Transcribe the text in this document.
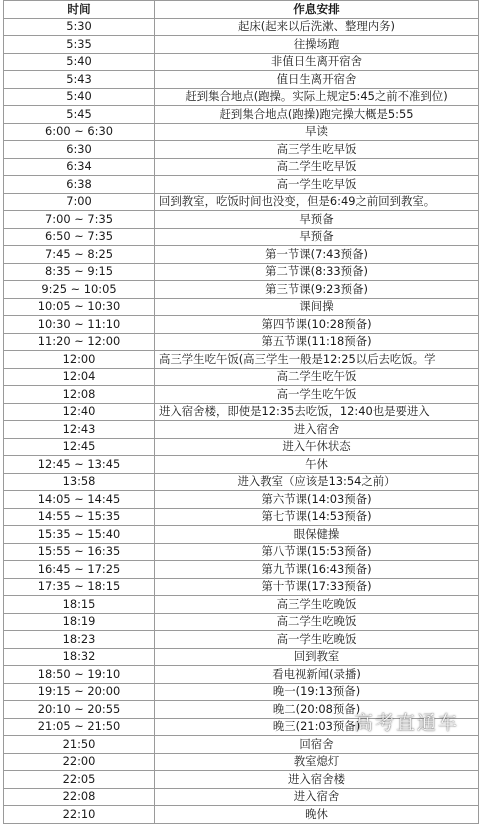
时间	作息安排
5:30	起床(起来以后洗漱、整理内务)
5:35	往操场跑
5:40	非值日生离开宿舍
5:43	值日生离开宿舍
5:40	赶到集合地点(跑操。实际上规定5:45之前不准到位)
5:45	赶到集合地点(跑操)跑完操大概是5:55
6:00 ~ 6:30	早读
6:30	高三学生吃早饭
6:34	高二学生吃早饭
6:38	高一学生吃早饭
7:00	回到教室，吃饭时间也没变，但是6:49之前回到教室。
7:00 ~ 7:35	早预备
6:50 ~ 7:35	早预备
7:45 ~ 8:25	第一节课(7:43预备)
8:35 ~ 9:15	第二节课(8:33预备)
9:25 ~ 10:05	第三节课(9:23预备)
10:05 ~ 10:30	课间操
10:30 ~ 11:10	第四节课(10:28预备)
11:20 ~ 12:00	第五节课(11:18预备)
12:00	高三学生吃午饭(高三学生一般是12:25以后去吃饭。学
12:04	高二学生吃午饭
12:08	高一学生吃午饭
12:40	进入宿舍楼，即使是12:35去吃饭，12:40也是要进入
12:43	进入宿舍
12:45	进入午休状态
12:45 ~ 13:45	午休
13:58	进入教室（应该是13:54之前）
14:05 ~ 14:45	第六节课(14:03预备)
14:55 ~ 15:35	第七节课(14:53预备)
15:35 ~ 15:40	眼保健操
15:55 ~ 16:35	第八节课(15:53预备)
16:45 ~ 17:25	第九节课(16:43预备)
17:35 ~ 18:15	第十节课(17:33预备)
18:15	高三学生吃晚饭
18:19	高二学生吃晚饭
18:23	高一学生吃晚饭
18:32	回到教室
18:50 ~ 19:10	看电视新闻(录播)
19:15 ~ 20:00	晚一(19:13预备)
20:10 ~ 20:55	晚二(20:08预备)
21:05 ~ 21:50	晚三(21:03预备)
21:50	回宿舍
22:00	教室熄灯
22:05	进入宿舍楼
22:08	进入宿舍
22:10	晚休
高考直通车
